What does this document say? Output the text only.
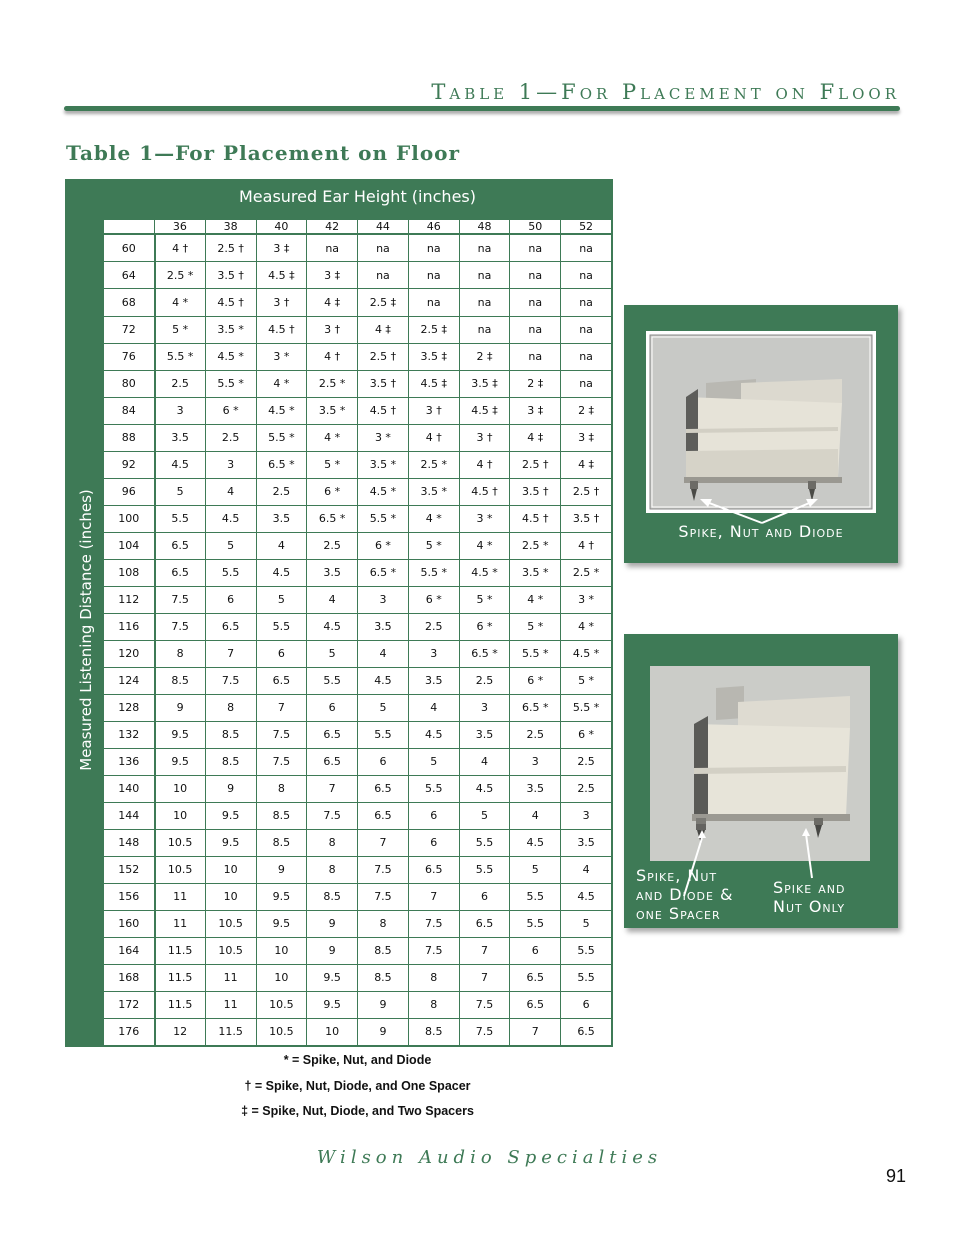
Table 1—For Placement on Floor
Table 1—For Placement on Floor
Measured Ear Height (inches)
Measured Listening Distance (inches)
	36	38	40	42	44	46	48	50	52
60	4 †	2.5 †	3 ‡	na	na	na	na	na	na
64	2.5 *	3.5 †	4.5 ‡	3 ‡	na	na	na	na	na
68	4 *	4.5 †	3 †	4 ‡	2.5 ‡	na	na	na	na
72	5 *	3.5 *	4.5 †	3 †	4 ‡	2.5 ‡	na	na	na
76	5.5 *	4.5 *	3 *	4 †	2.5 †	3.5 ‡	2 ‡	na	na
80	2.5	5.5 *	4 *	2.5 *	3.5 †	4.5 ‡	3.5 ‡	2 ‡	na
84	3	6 *	4.5 *	3.5 *	4.5 †	3 †	4.5 ‡	3 ‡	2 ‡
88	3.5	2.5	5.5 *	4 *	3 *	4 †	3 †	4 ‡	3 ‡
92	4.5	3	6.5 *	5 *	3.5 *	2.5 *	4 †	2.5 †	4 ‡
96	5	4	2.5	6 *	4.5 *	3.5 *	4.5 †	3.5 †	2.5 †
100	5.5	4.5	3.5	6.5 *	5.5 *	4 *	3 *	4.5 †	3.5 †
104	6.5	5	4	2.5	6 *	5 *	4 *	2.5 *	4 †
108	6.5	5.5	4.5	3.5	6.5 *	5.5 *	4.5 *	3.5 *	2.5 *
112	7.5	6	5	4	3	6 *	5 *	4 *	3 *
116	7.5	6.5	5.5	4.5	3.5	2.5	6 *	5 *	4 *
120	8	7	6	5	4	3	6.5 *	5.5 *	4.5 *
124	8.5	7.5	6.5	5.5	4.5	3.5	2.5	6 *	5 *
128	9	8	7	6	5	4	3	6.5 *	5.5 *
132	9.5	8.5	7.5	6.5	5.5	4.5	3.5	2.5	6 *
136	9.5	8.5	7.5	6.5	6	5	4	3	2.5
140	10	9	8	7	6.5	5.5	4.5	3.5	2.5
144	10	9.5	8.5	7.5	6.5	6	5	4	3
148	10.5	9.5	8.5	8	7	6	5.5	4.5	3.5
152	10.5	10	9	8	7.5	6.5	5.5	5	4
156	11	10	9.5	8.5	7.5	7	6	5.5	4.5
160	11	10.5	9.5	9	8	7.5	6.5	5.5	5
164	11.5	10.5	10	9	8.5	7.5	7	6	5.5
168	11.5	11	10	9.5	8.5	8	7	6.5	5.5
172	11.5	11	10.5	9.5	9	8	7.5	6.5	6
176	12	11.5	10.5	10	9	8.5	7.5	7	6.5
* = Spike, Nut, and Diode
† = Spike, Nut, Diode, and One Spacer
‡ = Spike, Nut, Diode, and Two Spacers
Spike, Nut and Diode
Spike, Nut
and Diode &
one Spacer
Spike and
Nut Only
Wilson Audio Specialties
91
